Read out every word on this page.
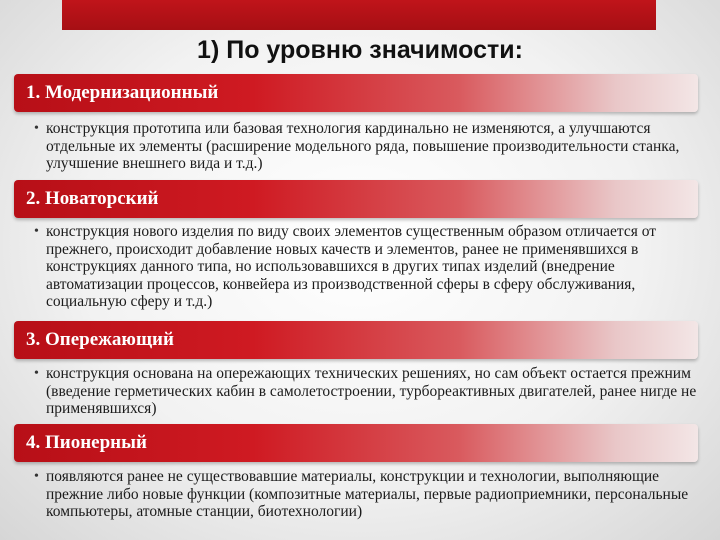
1) По уровню значимости:
1. Модернизационный
• конструкция прототипа или базовая технология кардинально не изменяются, а улучшаются отдельные их элементы (расширение модельного ряда, повышение производительности станка, улучшение внешнего вида и т.д.)
2. Новаторский
• конструкция нового изделия по виду своих элементов существенным образом отличается от прежнего, происходит добавление новых качеств и элементов, ранее не применявшихся в конструкциях данного типа, но использовавшихся в других типах изделий (внедрение автоматизации процессов, конвейера из производственной сферы в сферу обслуживания, социальную сферу и т.д.)
3. Опережающий
• конструкция основана на опережающих технических решениях, но сам объект остается прежним (введение герметических кабин в самолетостроении, турбореактивных двигателей, ранее нигде не применявшихся)
4. Пионерный
• появляются ранее не существовавшие материалы, конструкции и технологии, выполняющие прежние либо новые функции (композитные материалы, первые радиоприемники, персональные компьютеры, атомные станции, биотехнологии)
